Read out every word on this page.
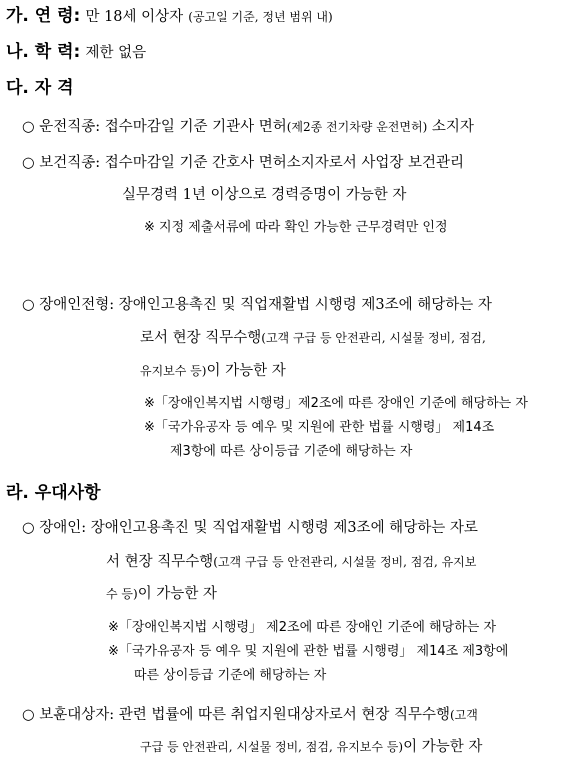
가. 연 령: 만 18세 이상자 (공고일 기준, 정년 범위 내)
나. 학 력: 제한 없음
다. 자 격
○ 운전직종: 접수마감일 기준 기관사 면허(제2종 전기차량 운전면허) 소지자
○ 보건직종: 접수마감일 기준 간호사 면허소지자로서 사업장 보건관리
실무경력 1년 이상으로 경력증명이 가능한 자
※ 지정 제출서류에 따라 확인 가능한 근무경력만 인정
○ 장애인전형: 장애인고용촉진 및 직업재활법 시행령 제3조에 해당하는 자
로서 현장 직무수행(고객 구급 등 안전관리, 시설물 정비, 점검,
유지보수 등)이 가능한 자
※「장애인복지법 시행령」제2조에 따른 장애인 기준에 해당하는 자
※「국가유공자 등 예우 및 지원에 관한 법률 시행령」 제14조
제3항에 따른 상이등급 기준에 해당하는 자
라. 우대사항
○ 장애인: 장애인고용촉진 및 직업재활법 시행령 제3조에 해당하는 자로
서 현장 직무수행(고객 구급 등 안전관리, 시설물 정비, 점검, 유지보
수 등)이 가능한 자
※「장애인복지법 시행령」 제2조에 따른 장애인 기준에 해당하는 자
※「국가유공자 등 예우 및 지원에 관한 법률 시행령」 제14조 제3항에
따른 상이등급 기준에 해당하는 자
○ 보훈대상자: 관련 법률에 따른 취업지원대상자로서 현장 직무수행(고객
구급 등 안전관리, 시설물 정비, 점검, 유지보수 등)이 가능한 자
